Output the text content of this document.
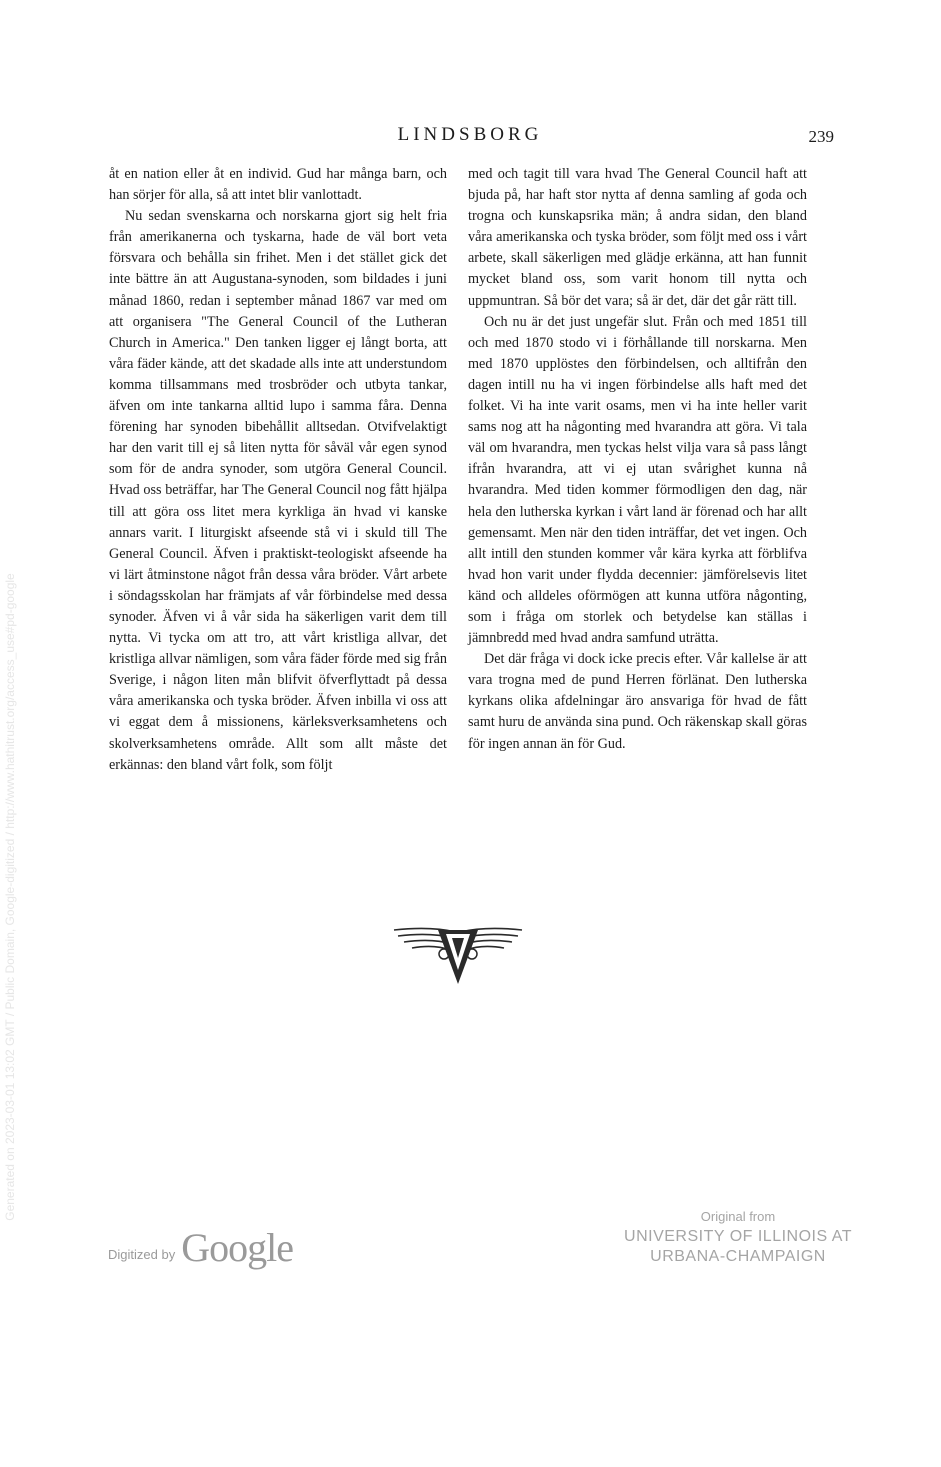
LINDSBORG	239

åt en nation eller åt en individ. Gud har många barn, och han sörjer för alla, så att intet blir vanlottadt.

Nu sedan svenskarna och norskarna gjort sig helt fria från amerikanerna och tyskarna, hade de väl bort veta försvara och behålla sin frihet. Men i det stället gick det inte bättre än att Augustana-synoden, som bildades i juni månad 1860, redan i september månad 1867 var med om att organisera "The General Council of the Lutheran Church in America." Den tanken ligger ej långt borta, att våra fäder kände, att det skadade alls inte att understundom komma tillsammans med trosbröder och utbyta tankar, äfven om inte tankarna alltid lupo i samma fåra. Denna förening har synoden bibehållit alltsedan. Otvifvelaktigt har den varit till ej så liten nytta för såväl vår egen synod som för de andra synoder, som utgöra General Council. Hvad oss beträffar, har The General Council nog fått hjälpa till att göra oss litet mera kyrkliga än hvad vi kanske annars varit. I liturgiskt afseende stå vi i skuld till The General Council. Äfven i praktiskt-teologiskt afseende ha vi lärt åtminstone något från dessa våra bröder. Vårt arbete i söndagsskolan har främjats af vår förbindelse med dessa synoder. Äfven vi å vår sida ha säkerligen varit dem till nytta. Vi tycka om att tro, att vårt kristliga allvar, det kristliga allvar nämligen, som våra fäder förde med sig från Sverige, i någon liten mån blifvit öfverflyttadt på dessa våra amerikanska och tyska bröder. Äfven inbilla vi oss att vi eggat dem å missionens, kärleksverksamhetens och skolverksamhetens område. Allt som allt måste det erkännas: den bland vårt folk, som följt

med och tagit till vara hvad The General Council haft att bjuda på, har haft stor nytta af denna samling af goda och trogna och kunskapsrika män; å andra sidan, den bland våra amerikanska och tyska bröder, som följt med oss i vårt arbete, skall säkerligen med glädje erkänna, att han funnit mycket bland oss, som varit honom till nytta och uppmuntran. Så bör det vara; så är det, där det går rätt till.

Och nu är det just ungefär slut. Från och med 1851 till och med 1870 stodo vi i förhållande till norskarna. Men med 1870 upplöstes den förbindelsen, och alltifrån den dagen intill nu ha vi ingen förbindelse alls haft med det folket. Vi ha inte varit osams, men vi ha inte heller varit sams nog att ha någonting med hvarandra att göra. Vi tala väl om hvarandra, men tyckas helst vilja vara så pass långt ifrån hvarandra, att vi ej utan svårighet kunna nå hvarandra. Med tiden kommer förmodligen den dag, när hela den lutherska kyrkan i vårt land är förenad och har allt gemensamt. Men när den tiden inträffar, det vet ingen. Och allt intill den stunden kommer vår kära kyrka att förblifva hvad hon varit under flydda decennier: jämförelsevis litet känd och alldeles oförmögen att kunna utföra någonting, som i fråga om storlek och betydelse kan ställas i jämnbredd med hvad andra samfund uträtta.

Det där fråga vi dock icke precis efter. Vår kallelse är att vara trogna med de pund Herren förlänat. Den lutherska kyrkans olika afdelningar äro ansvariga för hvad de fått samt huru de använda sina pund. Och räkenskap skall göras för ingen annan än för Gud.

Digitized by Google
Original from
UNIVERSITY OF ILLINOIS AT
URBANA-CHAMPAIGN
Generated on 2023-03-01 13:02 GMT / Public Domain, Google-digitized / http://www.hathitrust.org/access_use#pd-google
